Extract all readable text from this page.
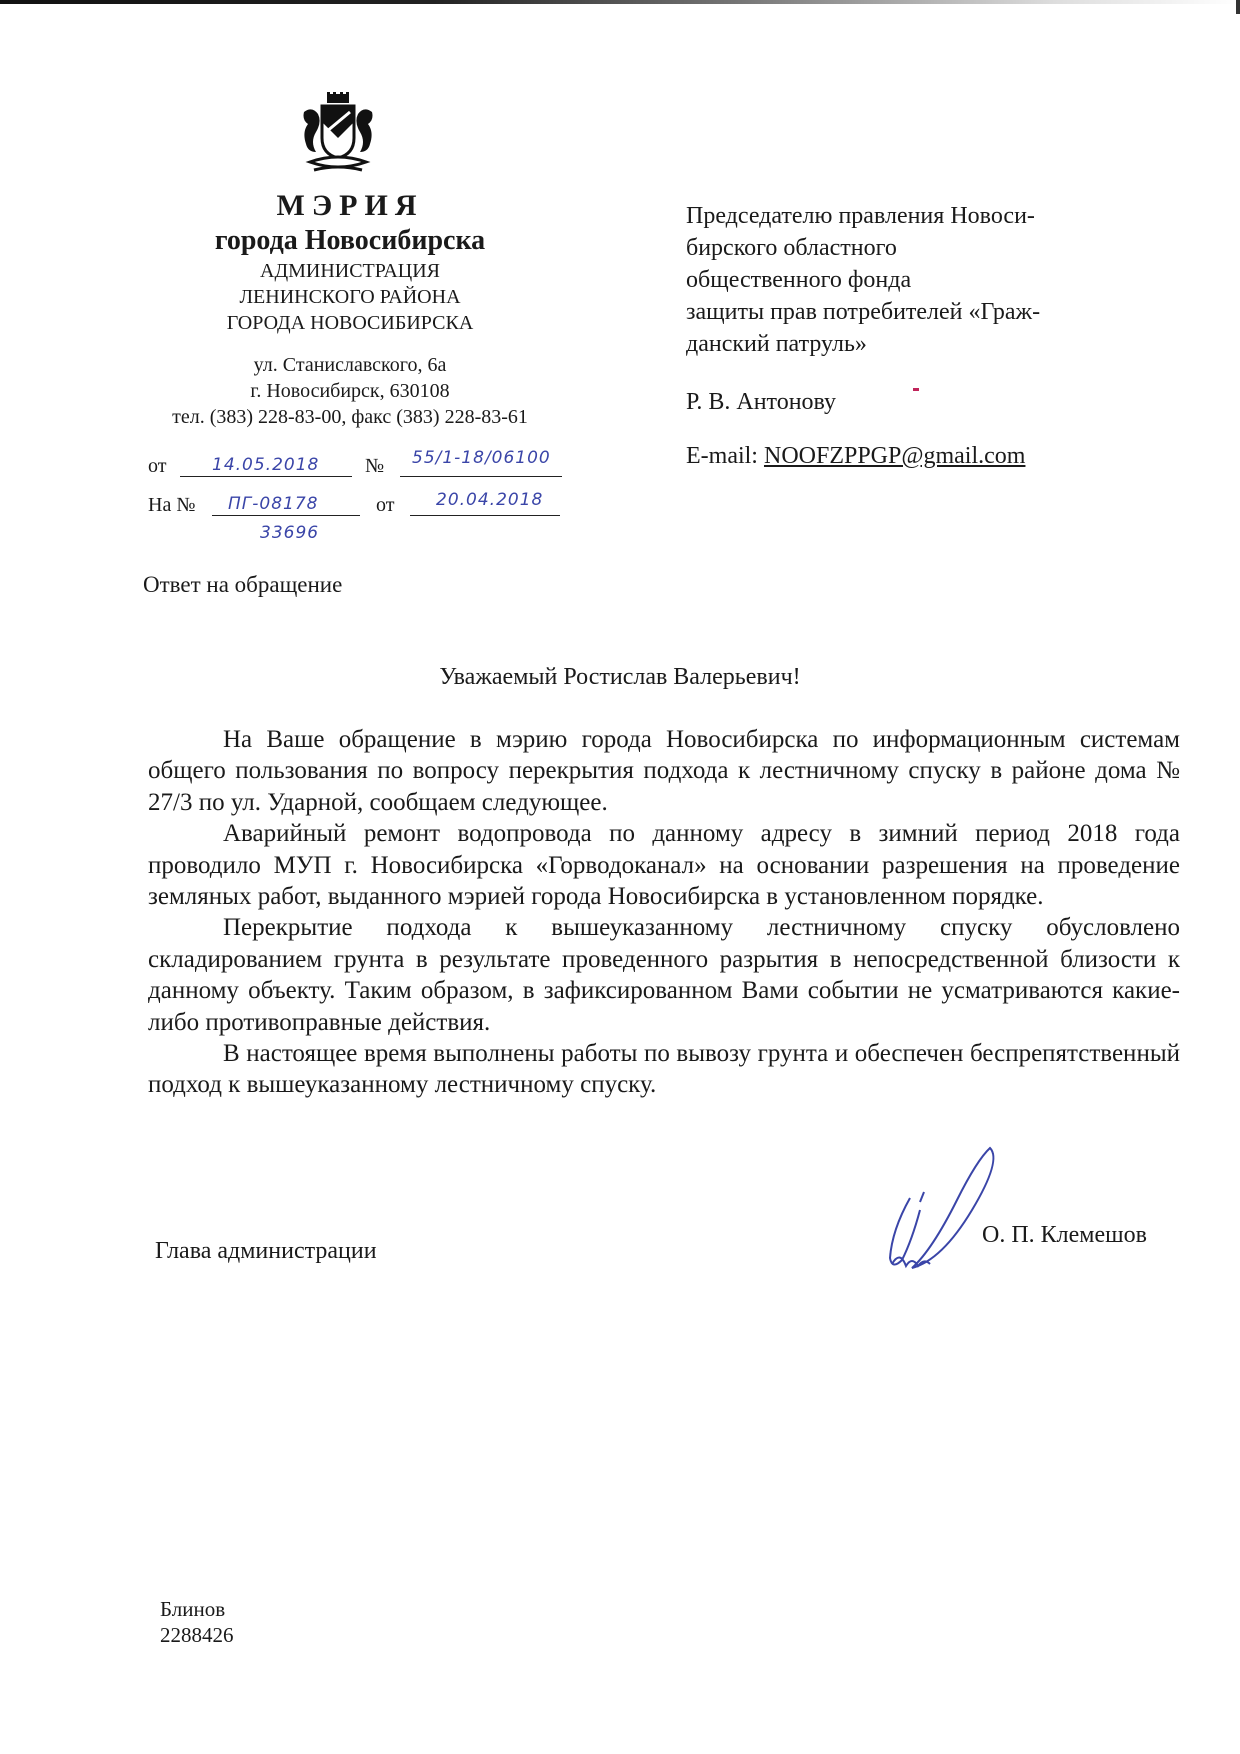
МЭРИЯ
города Новосибирска
АДМИНИСТРАЦИЯ
ЛЕНИНСКОГО РАЙОНА
ГОРОДА НОВОСИБИРСКА
ул. Станиславского, 6а
г. Новосибирск, 630108
тел. (383) 228-83-00, факс (383) 228-83-61
от	14.05.2018 № 55/1-18/06100
На № ПГ-08178
33696
от 20.04.2018
Ответ на обращение
Председателю правления Новоси-
бирского областного
общественного фонда
защиты прав потребителей «Граж-
данский патруль»
Р. В. Антонову
E-mail: NOOFZPPGP@gmail.com
Уважаемый Ростислав Валерьевич!

На Ваше обращение в мэрию города Новосибирска по информационным системам общего пользования по вопросу перекрытия подхода к лестничному спуску в районе дома № 27/3 по ул. Ударной, сообщаем следующее.

Аварийный ремонт водопровода по данному адресу в зимний период 2018 года проводило МУП г. Новосибирска «Горводоканал» на основании разрешения на проведение земляных работ, выданного мэрией города Новосибирска в установленном порядке.

Перекрытие подхода к вышеуказанному лестничному спуску обусловлено складированием грунта в результате проведенного разрытия в непосредственной близости к данному объекту. Таким образом, в зафиксированном Вами событии не усматриваются какие-либо противоправные действия.

В настоящее время выполнены работы по вывозу грунта и обеспечен беспрепятственный подход к вышеуказанному лестничному спуску.

Глава администрации
О. П. Клемешов
Блинов
2288426
